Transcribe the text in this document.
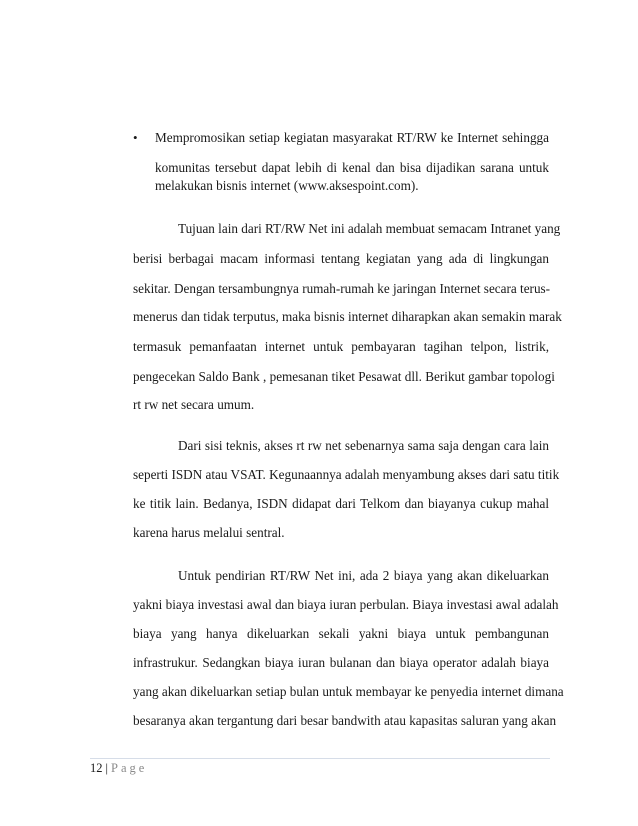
• Mempromosikan setiap kegiatan masyarakat RT/RW ke Internet sehingga
komunitas tersebut dapat lebih di kenal dan bisa dijadikan sarana untuk
melakukan bisnis internet (www.aksespoint.com).
Tujuan lain dari RT/RW Net ini adalah membuat semacam Intranet yang
berisi berbagai macam informasi tentang kegiatan yang ada di lingkungan
sekitar. Dengan tersambungnya rumah-rumah ke jaringan Internet secara terus-
menerus dan tidak terputus, maka bisnis internet diharapkan akan semakin marak
termasuk pemanfaatan internet untuk pembayaran tagihan telpon, listrik,
pengecekan Saldo Bank , pemesanan tiket Pesawat dll. Berikut gambar topologi
rt rw net secara umum.
Dari sisi teknis, akses rt rw net sebenarnya sama saja dengan cara lain
seperti ISDN atau VSAT. Kegunaannya adalah menyambung akses dari satu titik
ke titik lain. Bedanya, ISDN didapat dari Telkom dan biayanya cukup mahal
karena harus melalui sentral.
Untuk pendirian RT/RW Net ini, ada 2 biaya yang akan dikeluarkan
yakni biaya investasi awal dan biaya iuran perbulan. Biaya investasi awal adalah
biaya yang hanya dikeluarkan sekali yakni biaya untuk pembangunan
infrastrukur. Sedangkan biaya iuran bulanan dan biaya operator adalah biaya
yang akan dikeluarkan setiap bulan untuk membayar ke penyedia internet dimana
besaranya akan tergantung dari besar bandwith atau kapasitas saluran yang akan
12 | Page
